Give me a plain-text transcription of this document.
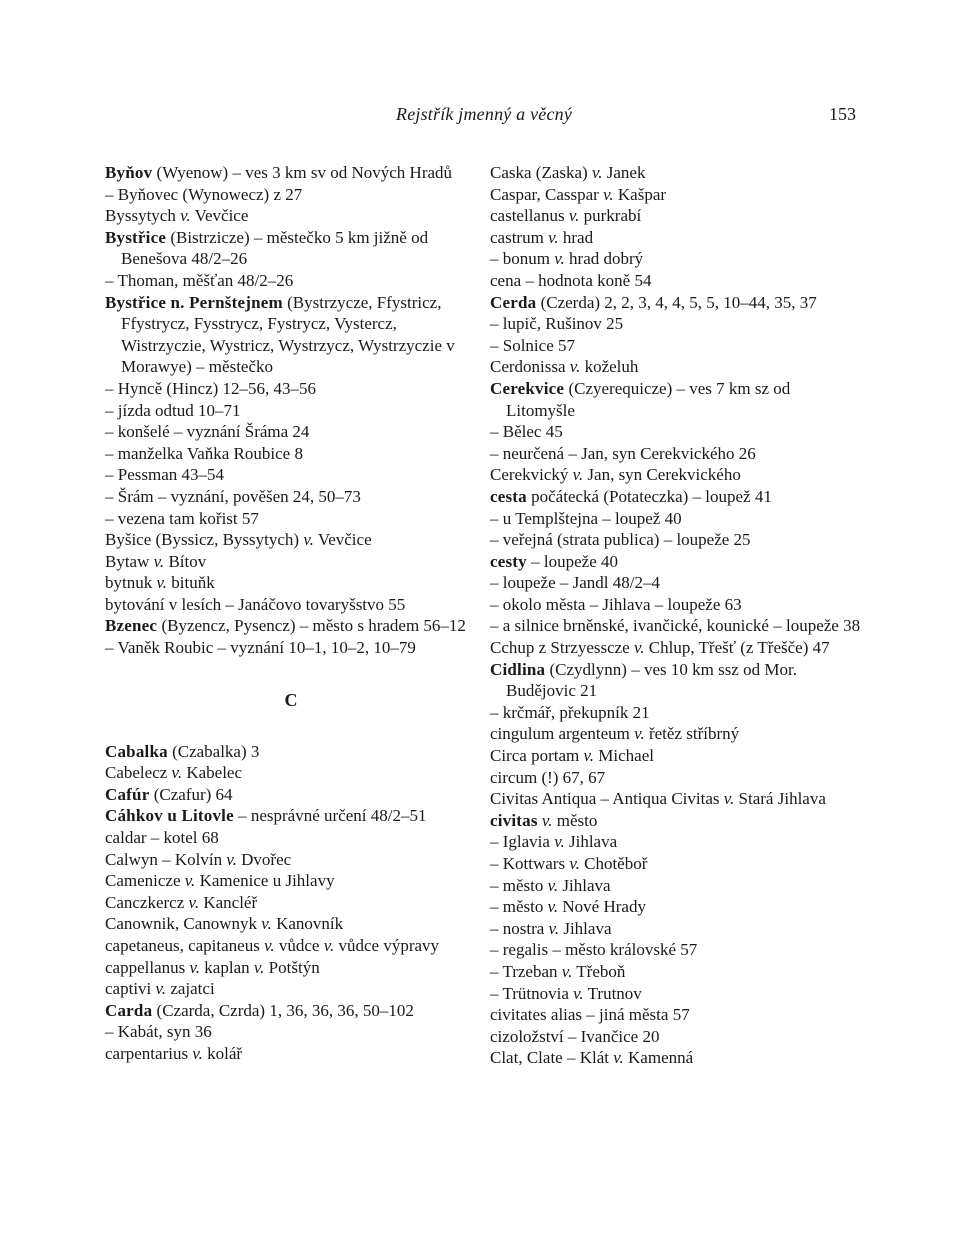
Rejstřík jmenný a věcný	153

Byňov (Wyenow) – ves 3 km sv od Nových Hradů

– Byňovec (Wynowecz) z 27

Byssytych v. Vevčice

Bystřice (Bistrzicze) – městečko 5 km jižně od Benešova 48/2–26

– Thoman, měšťan 48/2–26

Bystřice n. Pernštejnem (Bystrzycze, Ffystricz, Ffystrycz, Fysstrycz, Fystrycz, Vystercz, Wistrzyczie, Wystricz, Wystrzycz, Wystrzyczie v Morawye) – městečko

– Hyncě (Hincz) 12–56, 43–56

– jízda odtud 10–71

– konšelé – vyznání Šráma 24

– manželka Vaňka Roubice 8

– Pessman 43–54

– Šrám – vyznání, pověšen 24, 50–73

– vezena tam kořist 57

Byšice (Byssicz, Byssytych) v. Vevčice

Bytaw v. Bítov

bytnuk v. bituňk

bytování v lesích – Janáčovo tovaryšstvo 55

Bzenec (Byzencz, Pysencz) – město s hradem 56–12

– Vaněk Roubic – vyznání 10–1, 10–2, 10–79

C

Cabalka (Czabalka) 3

Cabelecz v. Kabelec

Cafúr (Czafur) 64

Cáhkov u Litovle – nesprávné určení 48/2–51

caldar – kotel 68

Calwyn – Kolvín v. Dvořec

Camenicze v. Kamenice u Jihlavy

Canczkercz v. Kancléř

Canownik, Canownyk v. Kanovník

capetaneus, capitaneus v. vůdce v. vůdce výpravy

cappellanus v. kaplan v. Potštýn

captivi v. zajatci

Carda (Czarda, Czrda) 1, 36, 36, 36, 50–102

– Kabát, syn 36

carpentarius v. kolář

Caska (Zaska) v. Janek

Caspar, Casspar v. Kašpar

castellanus v. purkrabí

castrum v. hrad

– bonum v. hrad dobrý

cena – hodnota koně 54

Cerda (Czerda) 2, 2, 3, 4, 4, 5, 5, 10–44, 35, 37

– lupič, Rušinov 25

– Solnice 57

Cerdonissa v. koželuh

Cerekvice (Czyerequicze) – ves 7 km sz od Litomyšle

– Bělec 45

– neurčená – Jan, syn Cerekvického 26

Cerekvický v. Jan, syn Cerekvického

cesta počátecká (Potateczka) – loupež 41

– u Templštejna – loupež 40

– veřejná (strata publica) – loupeže 25

cesty – loupeže 40

– loupeže – Jandl 48/2–4

– okolo města – Jihlava – loupeže 63

– a silnice brněnské, ivančické, kounické – loupeže 38

Cchup z Strzyessсze v. Chlup, Třešť (z Třešče) 47

Cidlina (Czydlynn) – ves 10 km ssz od Mor. Budějovic 21

– krčmář, překupník 21

cingulum argenteum v. řetěz stříbrný

Circa portam v. Michael

circum (!) 67, 67

Civitas Antiqua – Antiqua Civitas v. Stará Jihlava

civitas v. město

– Iglavia v. Jihlava

– Kottwars v. Chotěboř

– město v. Jihlava

– město v. Nové Hrady

– nostra v. Jihlava

– regalis – město královské 57

– Trzeban v. Třeboň

– Trütnovia v. Trutnov

civitates alias – jiná města 57

cizoložství – Ivančice 20

Clat, Clate – Klát v. Kamenná
